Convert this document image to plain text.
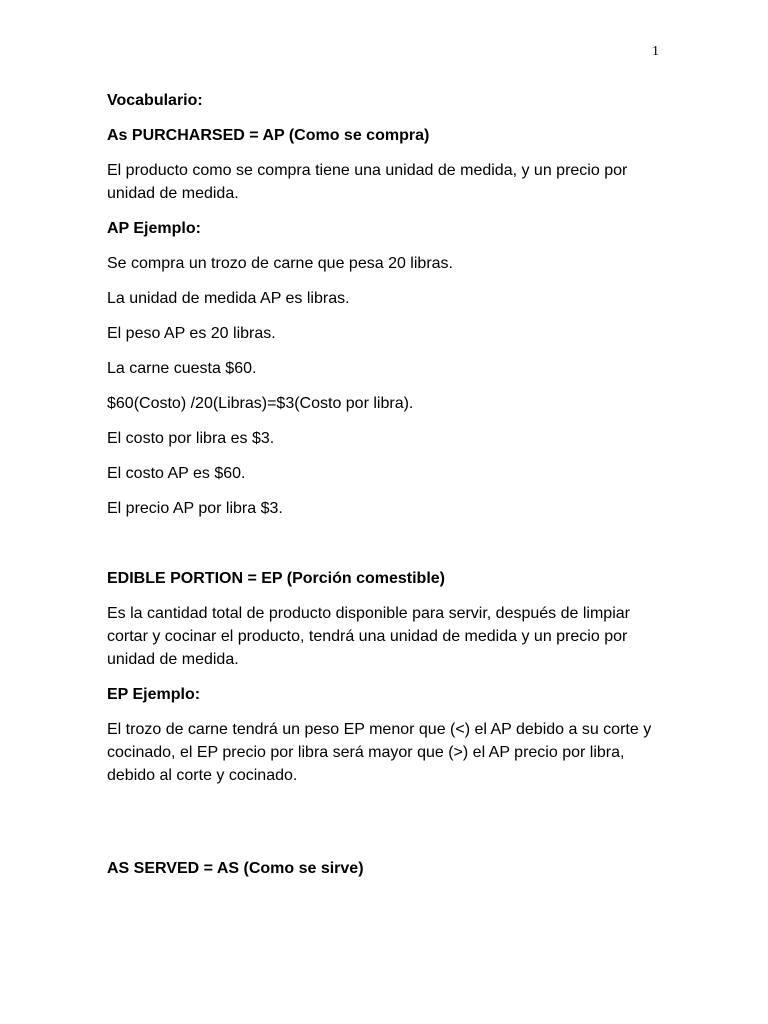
1

Vocabulario:

As PURCHARSED = AP (Como se compra)

El producto como se compra tiene una unidad de medida, y un precio por unidad de medida.

AP Ejemplo:

Se compra un trozo de carne que pesa 20 libras.

La unidad de medida AP es libras.

El peso AP es 20 libras.

La carne cuesta $60.

$60(Costo) /20(Libras)=$3(Costo por libra).

El costo por libra es $3.

El costo AP es $60.

El precio AP por libra $3.

EDIBLE PORTION = EP (Porción comestible)

Es la cantidad total de producto disponible para servir, después de limpiar cortar y cocinar el producto, tendrá una unidad de medida y un precio por unidad de medida.

EP Ejemplo:

El trozo de carne tendrá un peso EP menor que (<) el AP debido a su corte y cocinado, el EP precio por libra será mayor que (>) el AP precio por libra, debido al corte y cocinado.

AS SERVED = AS (Como se sirve)
